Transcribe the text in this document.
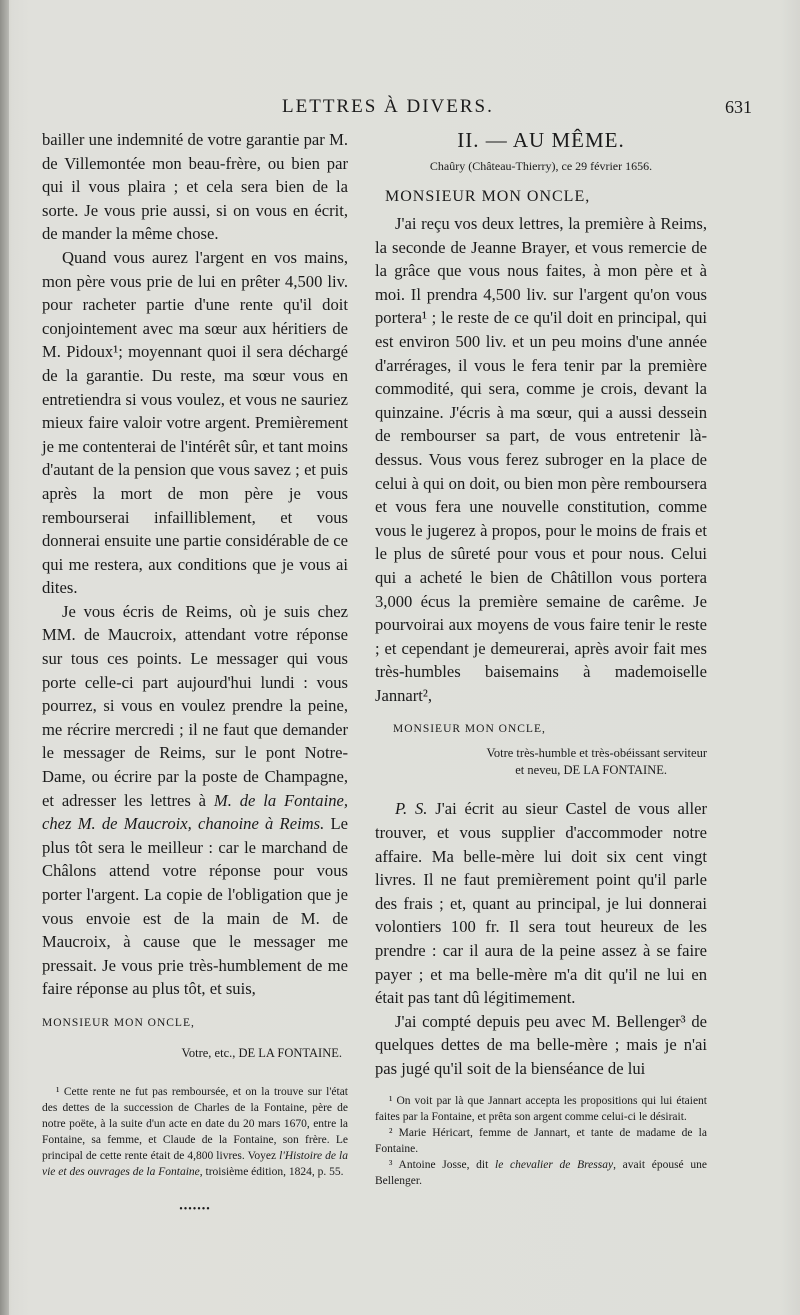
LETTRES À DIVERS.	631

bailler une indemnité de votre garantie par M. de Villemontée mon beau-frère, ou bien par qui il vous plaira ; et cela sera bien de la sorte. Je vous prie aussi, si on vous en écrit, de mander la même chose.

Quand vous aurez l'argent en vos mains, mon père vous prie de lui en prêter 4,500 liv. pour racheter partie d'une rente qu'il doit conjointement avec ma sœur aux héritiers de M. Pidoux¹; moyennant quoi il sera déchargé de la garantie. Du reste, ma sœur vous en entretiendra si vous voulez, et vous ne sauriez mieux faire valoir votre argent. Premièrement je me contenterai de l'intérêt sûr, et tant moins d'autant de la pension que vous savez ; et puis après la mort de mon père je vous rembourserai infailliblement, et vous donnerai ensuite une partie considérable de ce qui me restera, aux conditions que je vous ai dites.

Je vous écris de Reims, où je suis chez MM. de Maucroix, attendant votre réponse sur tous ces points. Le messager qui vous porte celle-ci part aujourd'hui lundi : vous pourrez, si vous en voulez prendre la peine, me récrire mercredi ; il ne faut que demander le messager de Reims, sur le pont Notre-Dame, ou écrire par la poste de Champagne, et adresser les lettres à M. de la Fontaine, chez M. de Maucroix, chanoine à Reims. Le plus tôt sera le meilleur : car le marchand de Châlons attend votre réponse pour vous porter l'argent. La copie de l'obligation que je vous envoie est de la main de M. de Maucroix, à cause que le messager me pressait. Je vous prie très-humblement de me faire réponse au plus tôt, et suis,

MONSIEUR MON ONCLE,

Votre, etc., DE LA FONTAINE.

¹ Cette rente ne fut pas remboursée, et on la trouve sur l'état des dettes de la succession de Charles de la Fontaine, père de notre poëte, à la suite d'un acte en date du 20 mars 1670, entre la Fontaine, sa femme, et Claude de la Fontaine, son frère. Le principal de cette rente était de 4,800 livres. Voyez l'Histoire de la vie et des ouvrages de la Fontaine, troisième édition, 1824, p. 55.

•••••••

II. — AU MÊME.

Chaûry (Château-Thierry), ce 29 février 1656.

MONSIEUR MON ONCLE,

J'ai reçu vos deux lettres, la première à Reims, la seconde de Jeanne Brayer, et vous remercie de la grâce que vous nous faites, à mon père et à moi. Il prendra 4,500 liv. sur l'argent qu'on vous portera¹ ; le reste de ce qu'il doit en principal, qui est environ 500 liv. et un peu moins d'une année d'arrérages, il vous le fera tenir par la première commodité, qui sera, comme je crois, devant la quinzaine. J'écris à ma sœur, qui a aussi dessein de rembourser sa part, de vous entretenir là-dessus. Vous vous ferez subroger en la place de celui à qui on doit, ou bien mon père remboursera et vous fera une nouvelle constitution, comme vous le jugerez à propos, pour le moins de frais et le plus de sûreté pour vous et pour nous. Celui qui a acheté le bien de Châtillon vous portera 3,000 écus la première semaine de carême. Je pourvoirai aux moyens de vous faire tenir le reste ; et cependant je demeurerai, après avoir fait mes très-humbles baisemains à mademoiselle Jannart²,

MONSIEUR MON ONCLE,

Votre très-humble et très-obéissant serviteur

et neveu, DE LA FONTAINE.

P. S. J'ai écrit au sieur Castel de vous aller trouver, et vous supplier d'accommoder notre affaire. Ma belle-mère lui doit six cent vingt livres. Il ne faut premièrement point qu'il parle des frais ; et, quant au principal, je lui donnerai volontiers 100 fr. Il sera tout heureux de les prendre : car il aura de la peine assez à se faire payer ; et ma belle-mère m'a dit qu'il ne lui en était pas tant dû légitimement.

J'ai compté depuis peu avec M. Bellenger³ de quelques dettes de ma belle-mère ; mais je n'ai pas jugé qu'il soit de la bienséance de lui

¹ On voit par là que Jannart accepta les propositions qui lui étaient faites par la Fontaine, et prêta son argent comme celui-ci le désirait.

² Marie Héricart, femme de Jannart, et tante de madame de la Fontaine.

³ Antoine Josse, dit le chevalier de Bressay, avait épousé une Bellenger.
